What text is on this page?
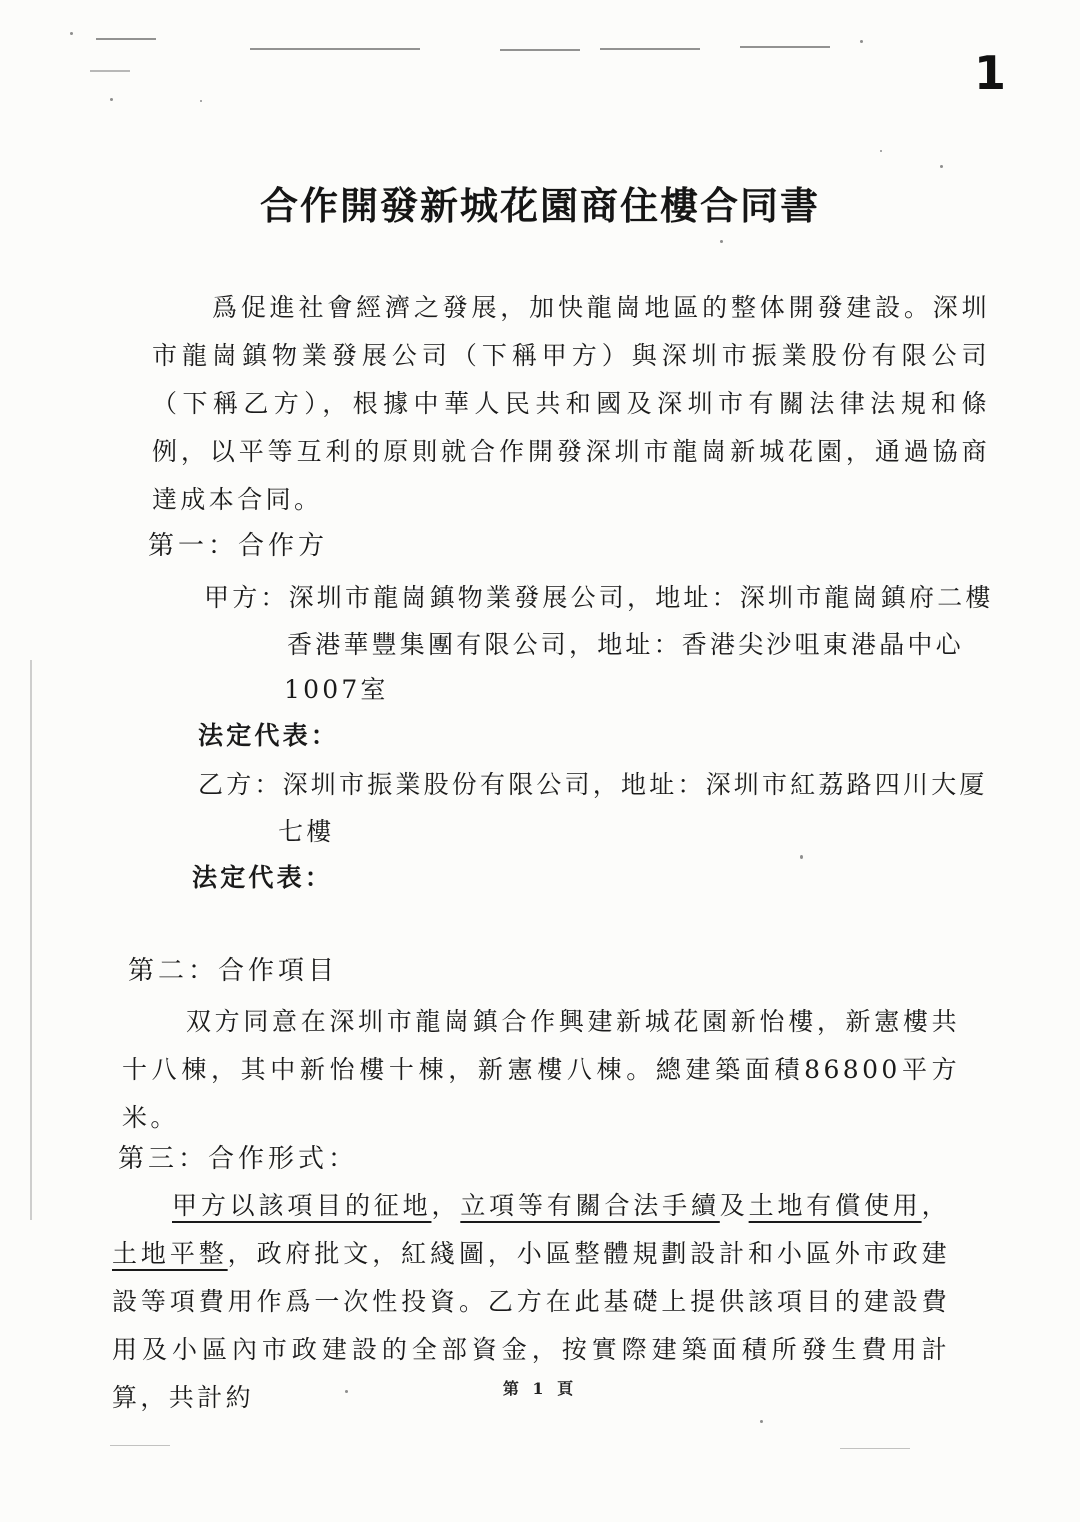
1
合作開發新城花園商住樓合同書
爲促進社會經濟之發展，加快龍崗地區的整体開發建設。深圳市龍崗鎮物業發展公司（下稱甲方）與深圳市振業股份有限公司（下稱乙方），根據中華人民共和國及深圳市有關法律法規和條例，以平等互利的原則就合作開發深圳市龍崗新城花園，通過協商達成本合同。
第一：合作方
甲方：深圳市龍崗鎮物業發展公司，地址：深圳市龍崗鎮府二樓
香港華豐集團有限公司，地址：香港尖沙咀東港晶中心
1007室
法定代表：
乙方：深圳市振業股份有限公司，地址：深圳市紅荔路四川大厦
七樓
法定代表：
第二：合作項目
双方同意在深圳市龍崗鎮合作興建新城花園新怡樓，新憲樓共十八棟，其中新怡樓十棟，新憲樓八棟。總建築面積86800平方米。
第三：合作形式：
甲方以該項目的征地，立項等有關合法手續及土地有償使用，土地平整，政府批文，紅綫圖，小區整體規劃設計和小區外市政建設等項費用作爲一次性投資。乙方在此基礎上提供該項目的建設費用及小區內市政建設的全部資金，按實際建築面積所發生費用計算，共計約	第 1 頁
